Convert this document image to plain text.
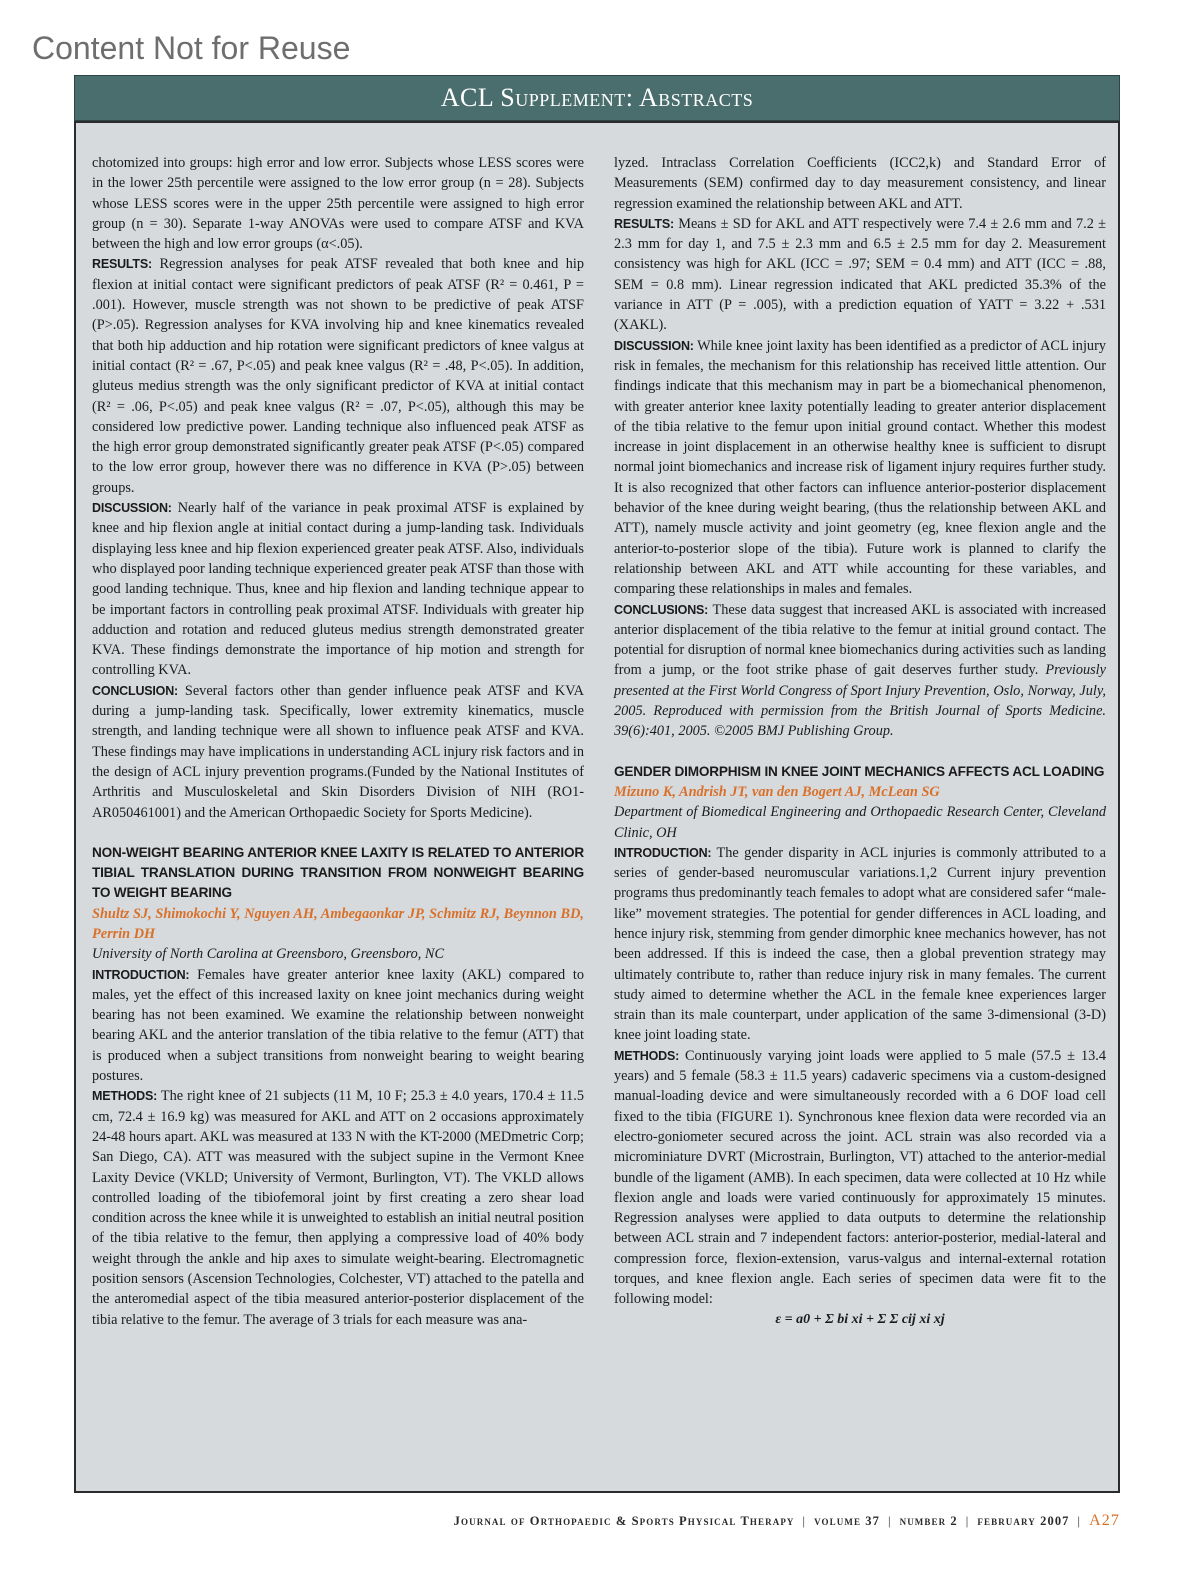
Content Not for Reuse
ACL Supplement: Abstracts

chotomized into groups: high error and low error. Subjects whose LESS scores were in the lower 25th percentile were assigned to the low error group (n = 28). Subjects whose LESS scores were in the upper 25th percentile were assigned to high error group (n = 30). Separate 1-way ANOVAs were used to compare ATSF and KVA between the high and low error groups (α<.05).

RESULTS: Regression analyses for peak ATSF revealed that both knee and hip flexion at initial contact were significant predictors of peak ATSF (R² = 0.461, P = .001). However, muscle strength was not shown to be predictive of peak ATSF (P>.05). Regression analyses for KVA involving hip and knee kinematics revealed that both hip adduction and hip rotation were significant predictors of knee valgus at initial contact (R² = .67, P<.05) and peak knee valgus (R² = .48, P<.05). In addition, gluteus medius strength was the only significant predictor of KVA at initial contact (R² = .06, P<.05) and peak knee valgus (R² = .07, P<.05), although this may be considered low predictive power. Landing technique also influenced peak ATSF as the high error group demonstrated significantly greater peak ATSF (P<.05) compared to the low error group, however there was no difference in KVA (P>.05) between groups.

DISCUSSION: Nearly half of the variance in peak proximal ATSF is explained by knee and hip flexion angle at initial contact during a jump-landing task. Individuals displaying less knee and hip flexion experienced greater peak ATSF. Also, individuals who displayed poor landing technique experienced greater peak ATSF than those with good landing technique. Thus, knee and hip flexion and landing technique appear to be important factors in controlling peak proximal ATSF. Individuals with greater hip adduction and rotation and reduced gluteus medius strength demonstrated greater KVA. These findings demonstrate the importance of hip motion and strength for controlling KVA.

CONCLUSION: Several factors other than gender influence peak ATSF and KVA during a jump-landing task. Specifically, lower extremity kinematics, muscle strength, and landing technique were all shown to influence peak ATSF and KVA. These findings may have implications in understanding ACL injury risk factors and in the design of ACL injury prevention programs.(Funded by the National Institutes of Arthritis and Musculoskeletal and Skin Disorders Division of NIH (RO1-AR050461001) and the American Orthopaedic Society for Sports Medicine).

NON-WEIGHT BEARING ANTERIOR KNEE LAXITY IS RELATED TO ANTERIOR TIBIAL TRANSLATION DURING TRANSITION FROM NONWEIGHT BEARING TO WEIGHT BEARING

Shultz SJ, Shimokochi Y, Nguyen AH, Ambegaonkar JP, Schmitz RJ, Beynnon BD, Perrin DH

University of North Carolina at Greensboro, Greensboro, NC

INTRODUCTION: Females have greater anterior knee laxity (AKL) compared to males, yet the effect of this increased laxity on knee joint mechanics during weight bearing has not been examined. We examine the relationship between nonweight bearing AKL and the anterior translation of the tibia relative to the femur (ATT) that is produced when a subject transitions from nonweight bearing to weight bearing postures.

METHODS: The right knee of 21 subjects (11 M, 10 F; 25.3 ± 4.0 years, 170.4 ± 11.5 cm, 72.4 ± 16.9 kg) was measured for AKL and ATT on 2 occasions approximately 24-48 hours apart. AKL was measured at 133 N with the KT-2000 (MEDmetric Corp; San Diego, CA). ATT was measured with the subject supine in the Vermont Knee Laxity Device (VKLD; University of Vermont, Burlington, VT). The VKLD allows controlled loading of the tibiofemoral joint by first creating a zero shear load condition across the knee while it is unweighted to establish an initial neutral position of the tibia relative to the femur, then applying a compressive load of 40% body weight through the ankle and hip axes to simulate weight-bearing. Electromagnetic position sensors (Ascension Technologies, Colchester, VT) attached to the patella and the anteromedial aspect of the tibia measured anterior-posterior displacement of the tibia relative to the femur. The average of 3 trials for each measure was ana-

lyzed. Intraclass Correlation Coefficients (ICC2,k) and Standard Error of Measurements (SEM) confirmed day to day measurement consistency, and linear regression examined the relationship between AKL and ATT.

RESULTS: Means ± SD for AKL and ATT respectively were 7.4 ± 2.6 mm and 7.2 ± 2.3 mm for day 1, and 7.5 ± 2.3 mm and 6.5 ± 2.5 mm for day 2. Measurement consistency was high for AKL (ICC = .97; SEM = 0.4 mm) and ATT (ICC = .88, SEM = 0.8 mm). Linear regression indicated that AKL predicted 35.3% of the variance in ATT (P = .005), with a prediction equation of YATT = 3.22 + .531 (XAKL).

DISCUSSION: While knee joint laxity has been identified as a predictor of ACL injury risk in females, the mechanism for this relationship has received little attention. Our findings indicate that this mechanism may in part be a biomechanical phenomenon, with greater anterior knee laxity potentially leading to greater anterior displacement of the tibia relative to the femur upon initial ground contact. Whether this modest increase in joint displacement in an otherwise healthy knee is sufficient to disrupt normal joint biomechanics and increase risk of ligament injury requires further study. It is also recognized that other factors can influence anterior-posterior displacement behavior of the knee during weight bearing, (thus the relationship between AKL and ATT), namely muscle activity and joint geometry (eg, knee flexion angle and the anterior-to-posterior slope of the tibia). Future work is planned to clarify the relationship between AKL and ATT while accounting for these variables, and comparing these relationships in males and females.

CONCLUSIONS: These data suggest that increased AKL is associated with increased anterior displacement of the tibia relative to the femur at initial ground contact. The potential for disruption of normal knee biomechanics during activities such as landing from a jump, or the foot strike phase of gait deserves further study. Previously presented at the First World Congress of Sport Injury Prevention, Oslo, Norway, July, 2005. Reproduced with permission from the British Journal of Sports Medicine. 39(6):401, 2005. ©2005 BMJ Publishing Group.

GENDER DIMORPHISM IN KNEE JOINT MECHANICS AFFECTS ACL LOADING

Mizuno K, Andrish JT, van den Bogert AJ, McLean SG

Department of Biomedical Engineering and Orthopaedic Research Center, Cleveland Clinic, OH

INTRODUCTION: The gender disparity in ACL injuries is commonly attributed to a series of gender-based neuromuscular variations.1,2 Current injury prevention programs thus predominantly teach females to adopt what are considered safer “male-like” movement strategies. The potential for gender differences in ACL loading, and hence injury risk, stemming from gender dimorphic knee mechanics however, has not been addressed. If this is indeed the case, then a global prevention strategy may ultimately contribute to, rather than reduce injury risk in many females. The current study aimed to determine whether the ACL in the female knee experiences larger strain than its male counterpart, under application of the same 3-dimensional (3-D) knee joint loading state.

METHODS: Continuously varying joint loads were applied to 5 male (57.5 ± 13.4 years) and 5 female (58.3 ± 11.5 years) cadaveric specimens via a custom-designed manual-loading device and were simultaneously recorded with a 6 DOF load cell fixed to the tibia (FIGURE 1). Synchronous knee flexion data were recorded via an electro-goniometer secured across the joint. ACL strain was also recorded via a microminiature DVRT (Microstrain, Burlington, VT) attached to the anterior-medial bundle of the ligament (AMB). In each specimen, data were collected at 10 Hz while flexion angle and loads were varied continuously for approximately 15 minutes. Regression analyses were applied to data outputs to determine the relationship between ACL strain and 7 independent factors: anterior-posterior, medial-lateral and compression force, flexion-extension, varus-valgus and internal-external rotation torques, and knee flexion angle. Each series of specimen data were fit to the following model:

ε = a0 + Σ bi xi + Σ Σ cij xi xj

Journal of Orthopaedic & Sports Physical Therapy | volume 37 | number 2 | february 2007 | A27
